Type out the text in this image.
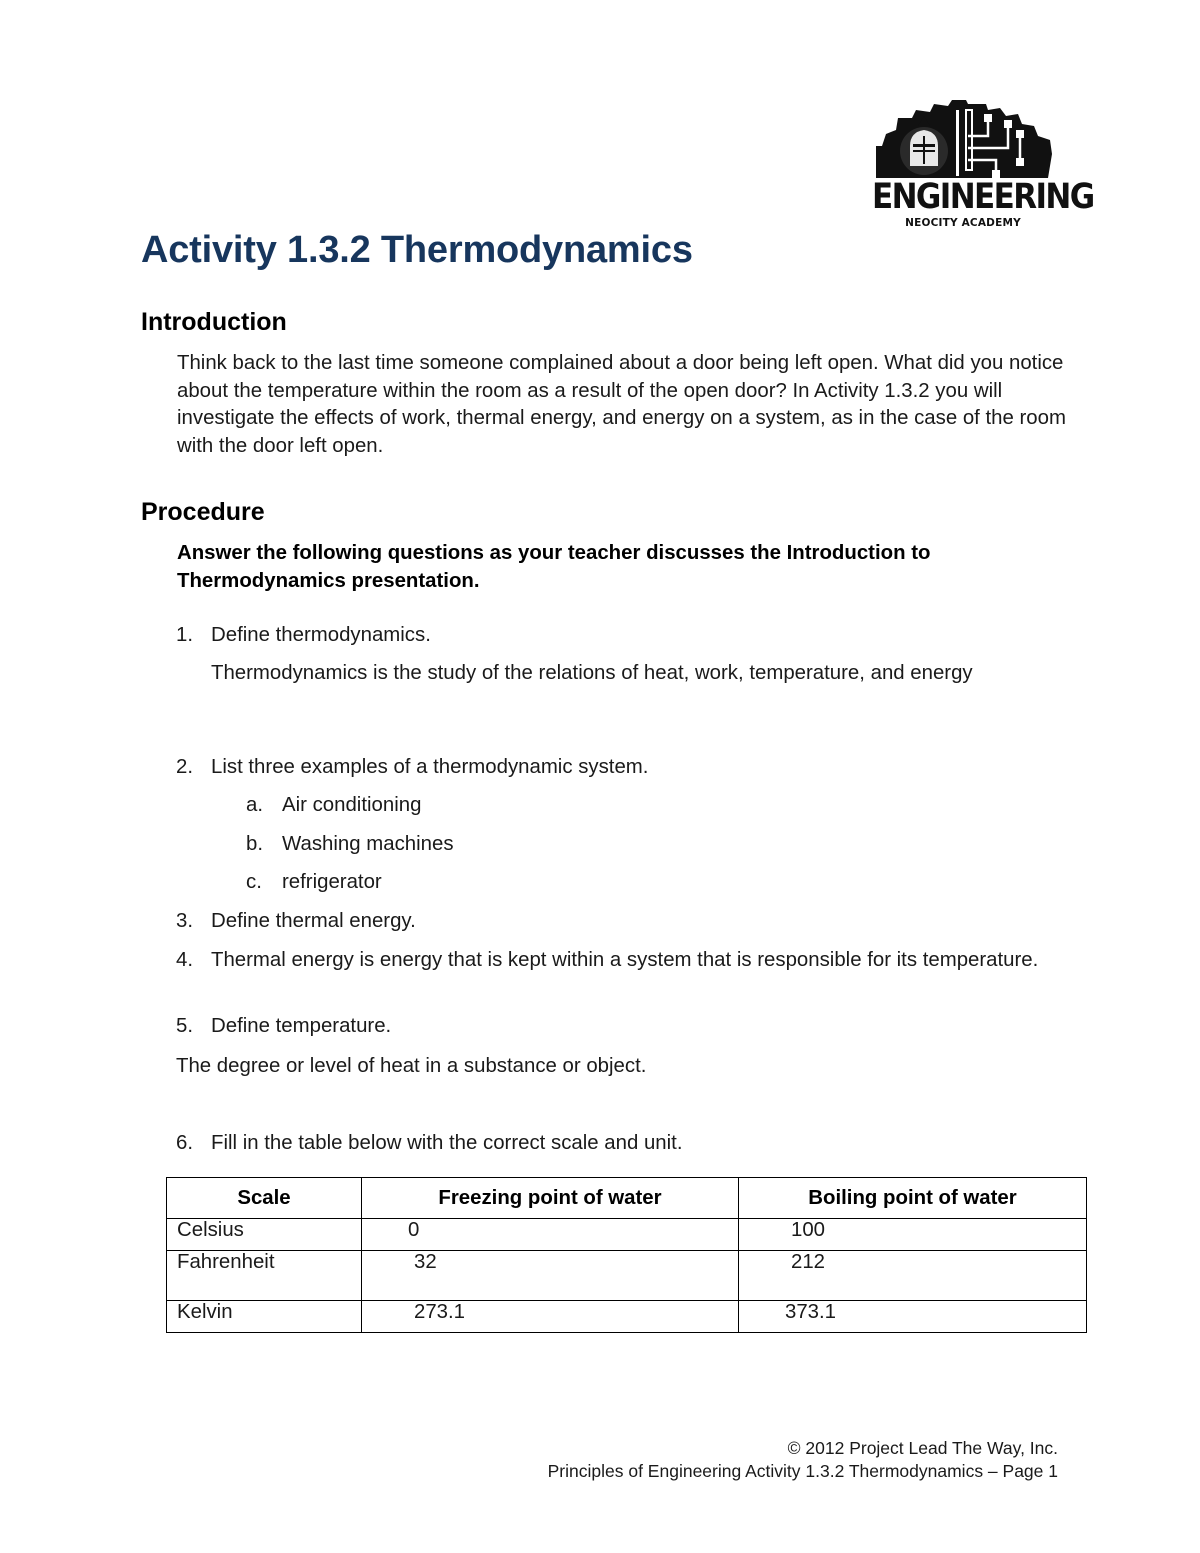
ENGINEERING
NEOCITY ACADEMY
Activity 1.3.2 Thermodynamics
Introduction
Think back to the last time someone complained about a door being left open. What did you notice about the temperature within the room as a result of the open door? In Activity 1.3.2 you will investigate the effects of work, thermal energy, and energy on a system, as in the case of the room with the door left open.
Procedure
Answer the following questions as your teacher discusses the Introduction to Thermodynamics presentation.
1. Define thermodynamics.
Thermodynamics is the study of the relations of heat, work, temperature, and energy
2. List three examples of a thermodynamic system.
a. Air conditioning
b. Washing machines
c. refrigerator
3. Define thermal energy.
4. Thermal energy is energy that is kept within a system that is responsible for its temperature.
5. Define temperature.
The degree or level of heat in a substance or object.
6. Fill in the table below with the correct scale and unit.
Scale	Freezing point of water	Boiling point of water
Celsius	0	100
Fahrenheit	32	212
Kelvin	273.1	373.1
© 2012 Project Lead The Way, Inc.
Principles of Engineering Activity 1.3.2 Thermodynamics – Page 1
